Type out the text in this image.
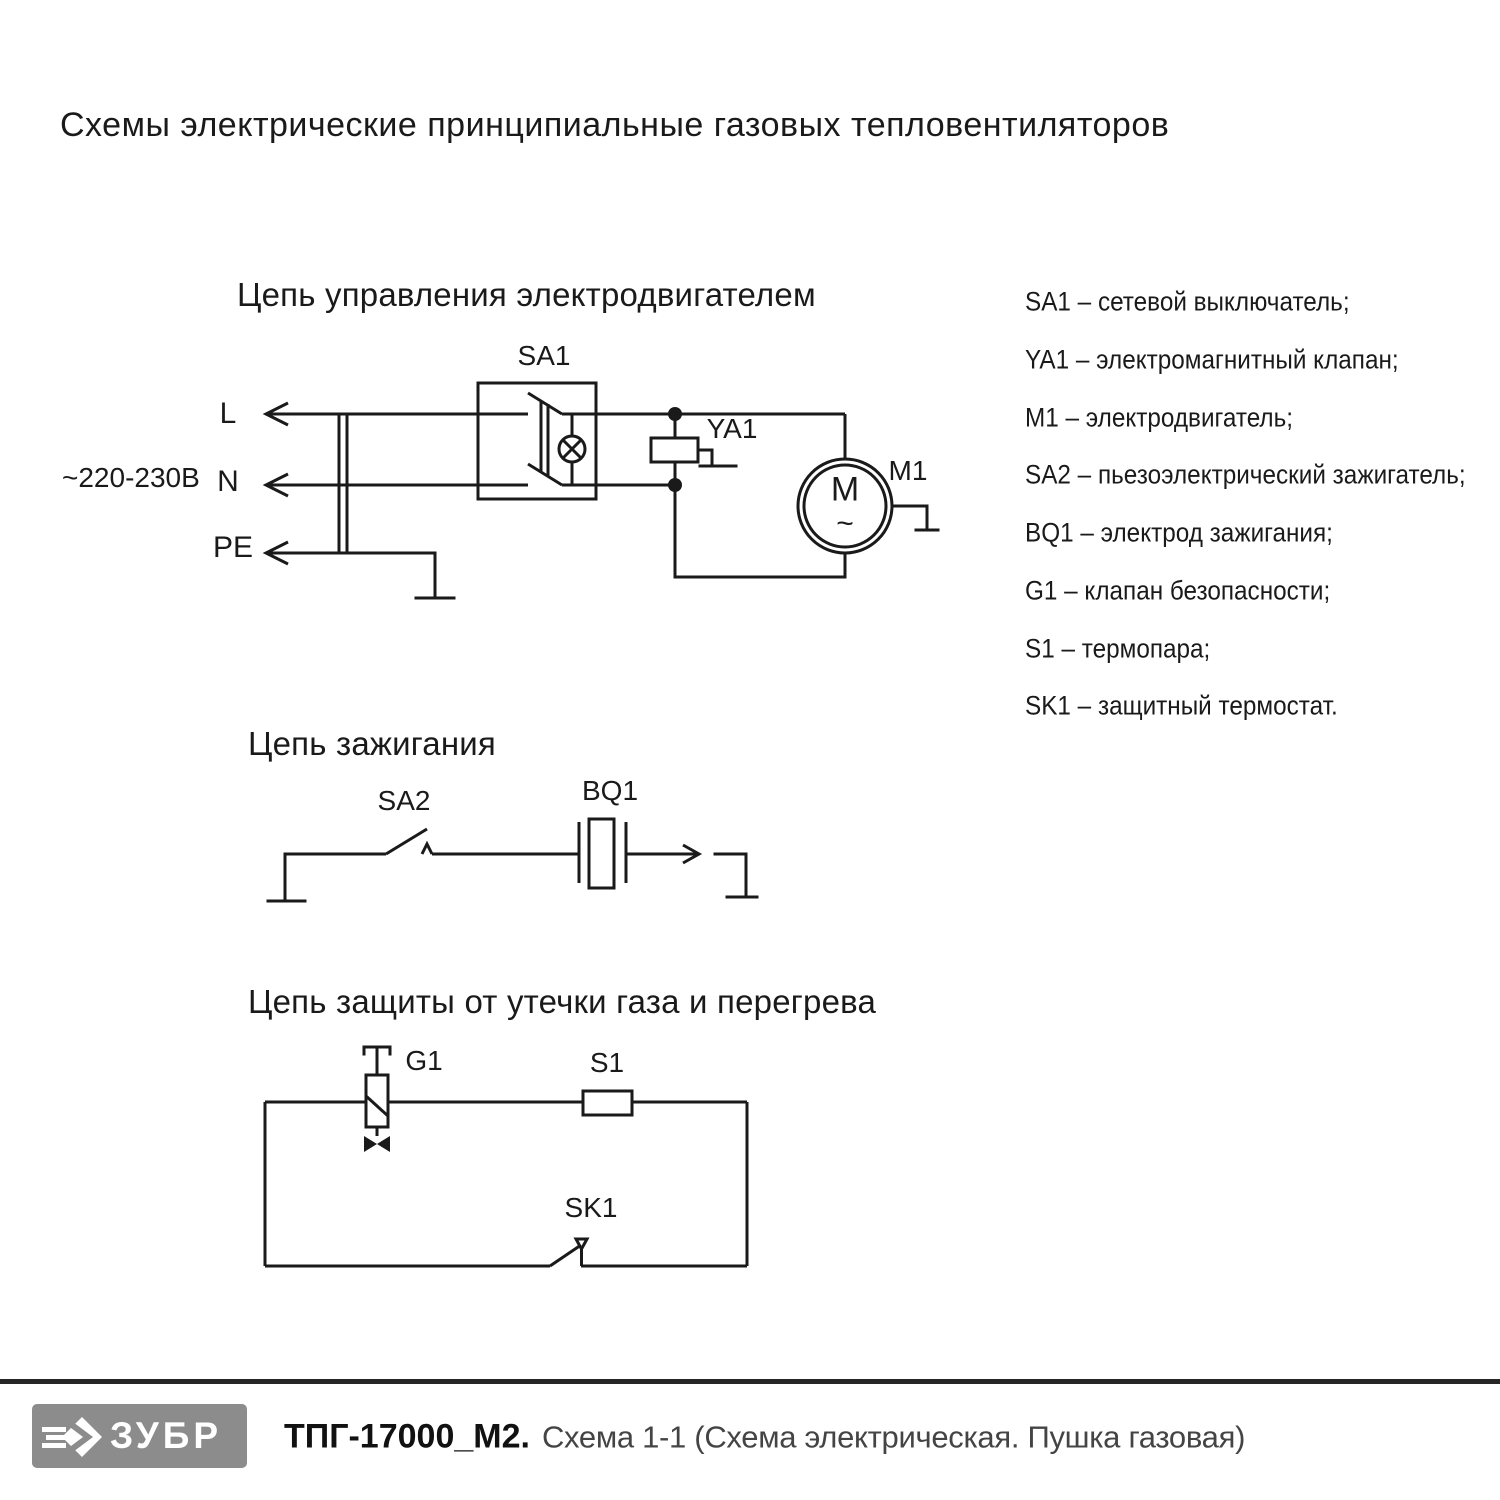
Схемы электрические принципиальные газовых тепловентиляторов
Цепь управления электродвигателем
SA1
YA1
M1
M
~
L
N
PE
~220-230В
Цепь зажигания
SA2	BQ1
Цепь защиты от утечки газа и перегрева
G1	S1
SK1
SA1 – сетевой выключатель;
YA1 – электромагнитный клапан;
M1 – электродвигатель;
SA2 – пьезоэлектрический зажигатель;
BQ1 – электрод зажигания;
G1 – клапан безопасности;
S1 – термопара;
SK1 – защитный термостат.
ЗУБР ТПГ-17000_М2. Схема 1-1 (Схема электрическая. Пушка газовая)
